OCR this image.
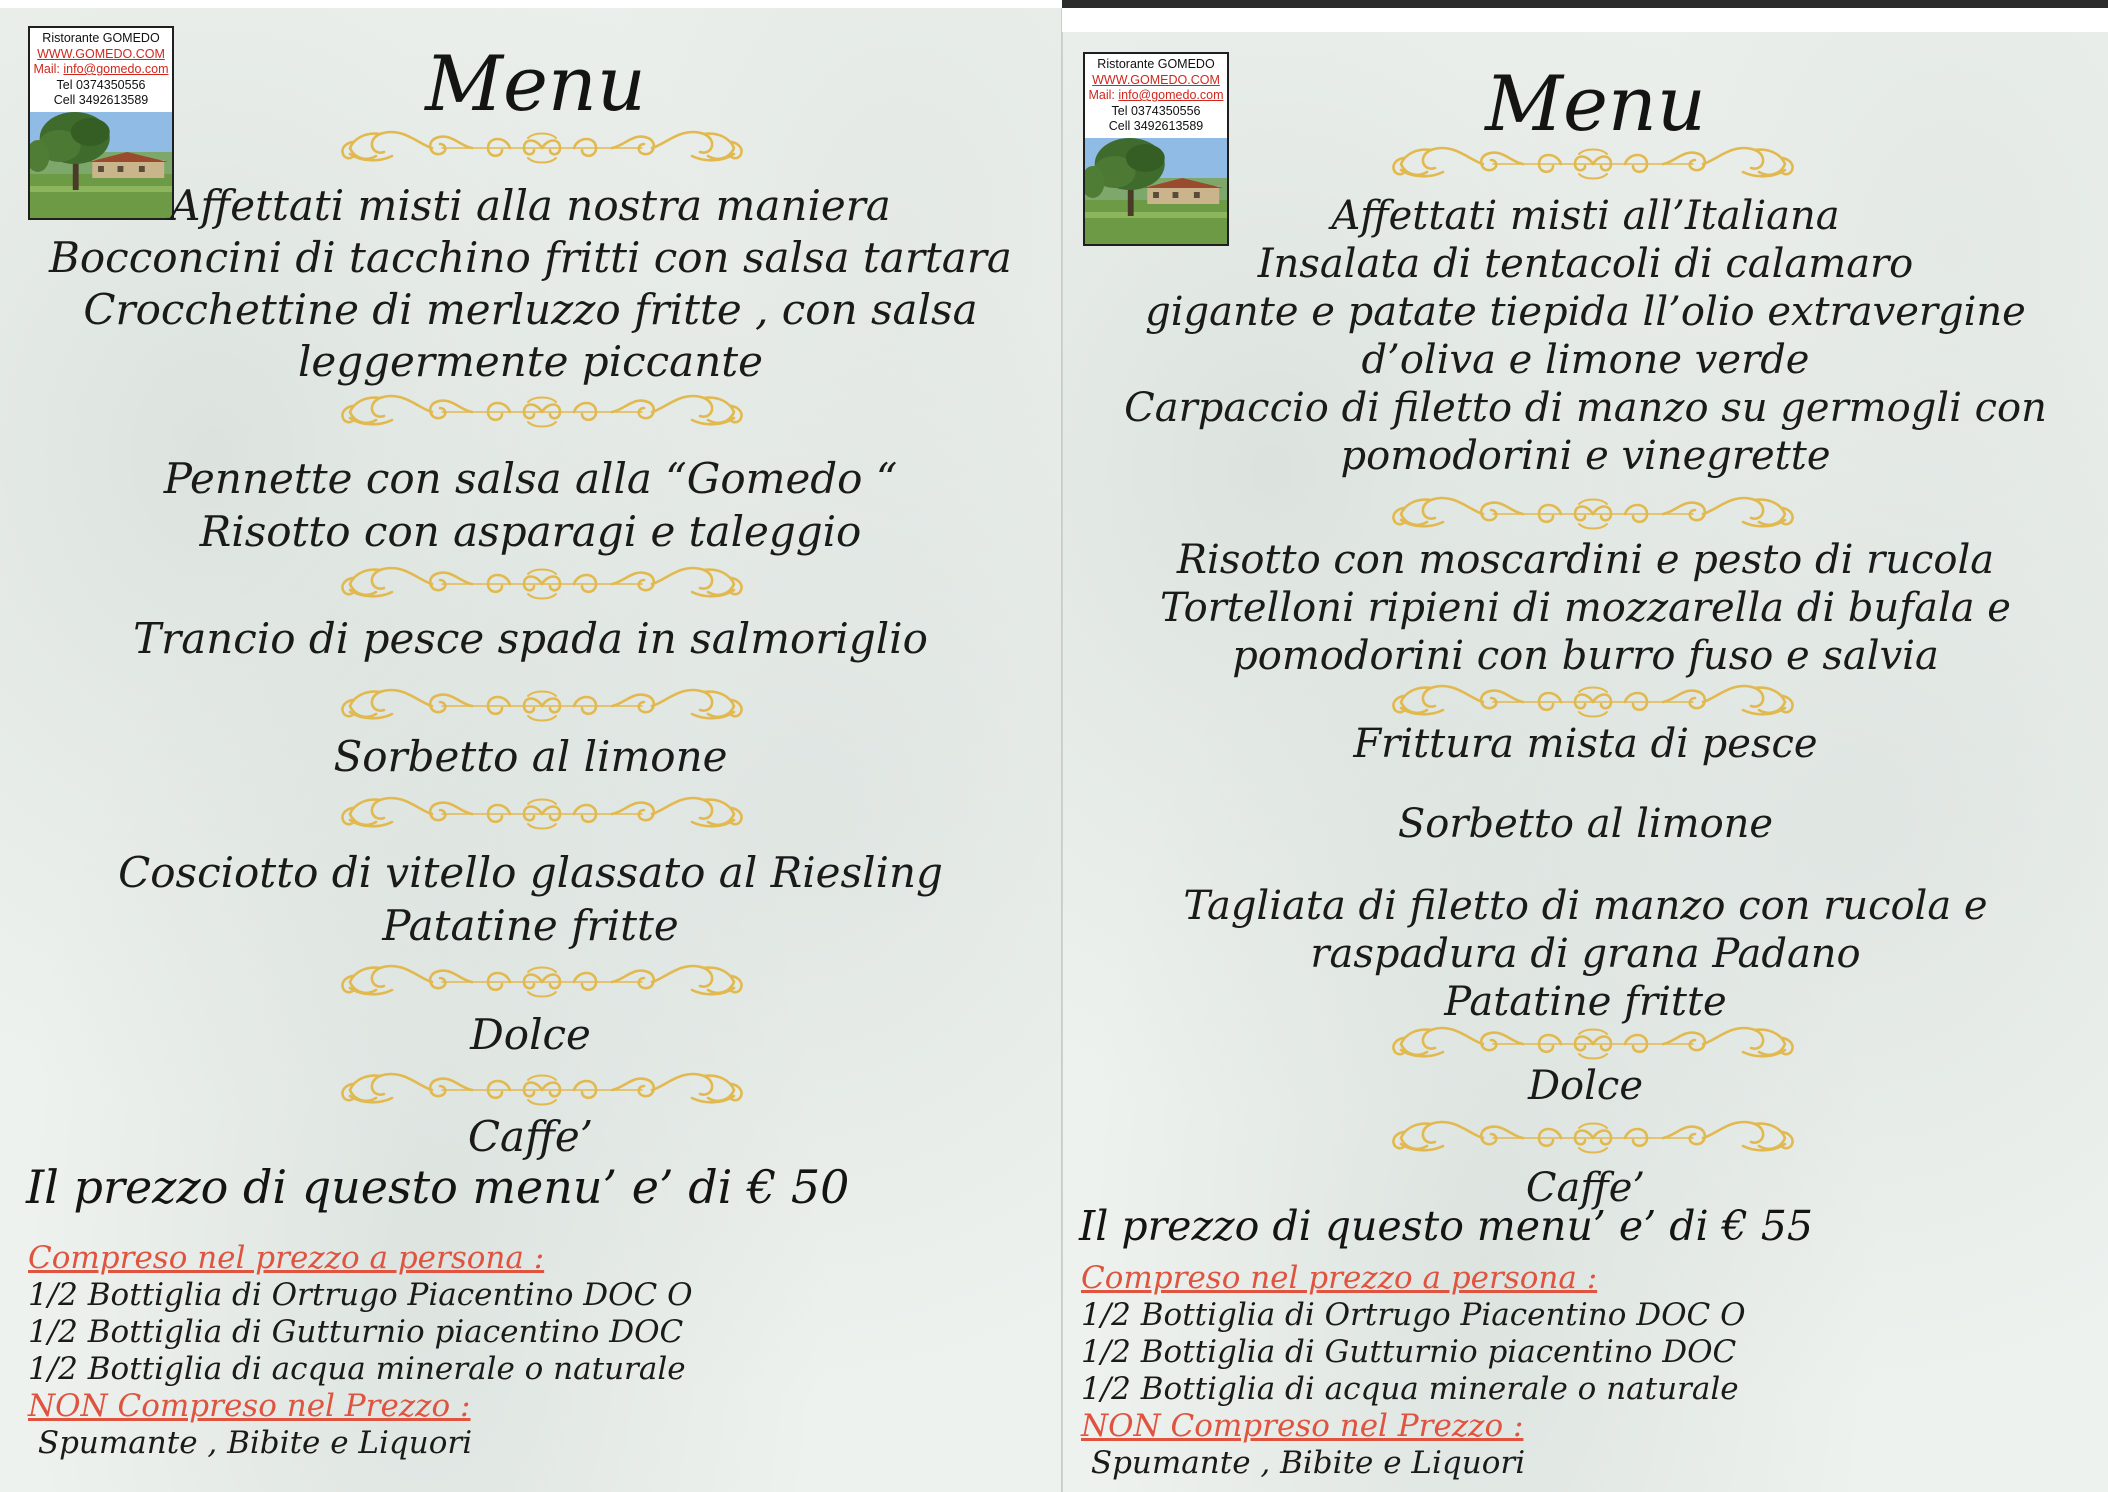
Ristorante GOMEDO
WWW.GOMEDO.COM
Mail: info@gomedo.com
Tel 0374350556
Cell 3492613589	Menu
Affettati misti alla nostra maniera
Bocconcini di tacchino fritti con salsa tartara
Crocchettine di merluzzo fritte , con salsa
leggermente piccante
Pennette con salsa alla “Gomedo “
Risotto con asparagi e taleggio
Trancio di pesce spada in salmoriglio
Sorbetto al limone
Cosciotto di vitello glassato al Riesling
Patatine fritte
Dolce
Caffe’
Il prezzo di questo menu’ e’ di € 50
Compreso nel prezzo a persona :
1/2 Bottiglia di Ortrugo Piacentino DOC O
1/2 Bottiglia di Gutturnio piacentino DOC
1/2 Bottiglia di acqua minerale o naturale
NON Compreso nel Prezzo :
Spumante , Bibite e Liquori
Ristorante GOMEDO
WWW.GOMEDO.COM
Mail: info@gomedo.com
Tel 0374350556
Cell 3492613589	Menu
Affettati misti all’Italiana
Insalata di tentacoli di calamaro
gigante e patate tiepida ll’olio extravergine
d’oliva e limone verde
Carpaccio di filetto di manzo su germogli con
pomodorini e vinegrette
Risotto con moscardini e pesto di rucola
Tortelloni ripieni di mozzarella di bufala e
pomodorini con burro fuso e salvia
Frittura mista di pesce
Sorbetto al limone
Tagliata di filetto di manzo con rucola e
raspadura di grana Padano
Patatine fritte
Dolce
Caffe’
Il prezzo di questo menu’ e’ di € 55
Compreso nel prezzo a persona :
1/2 Bottiglia di Ortrugo Piacentino DOC O
1/2 Bottiglia di Gutturnio piacentino DOC
1/2 Bottiglia di acqua minerale o naturale
NON Compreso nel Prezzo :
Spumante , Bibite e Liquori
